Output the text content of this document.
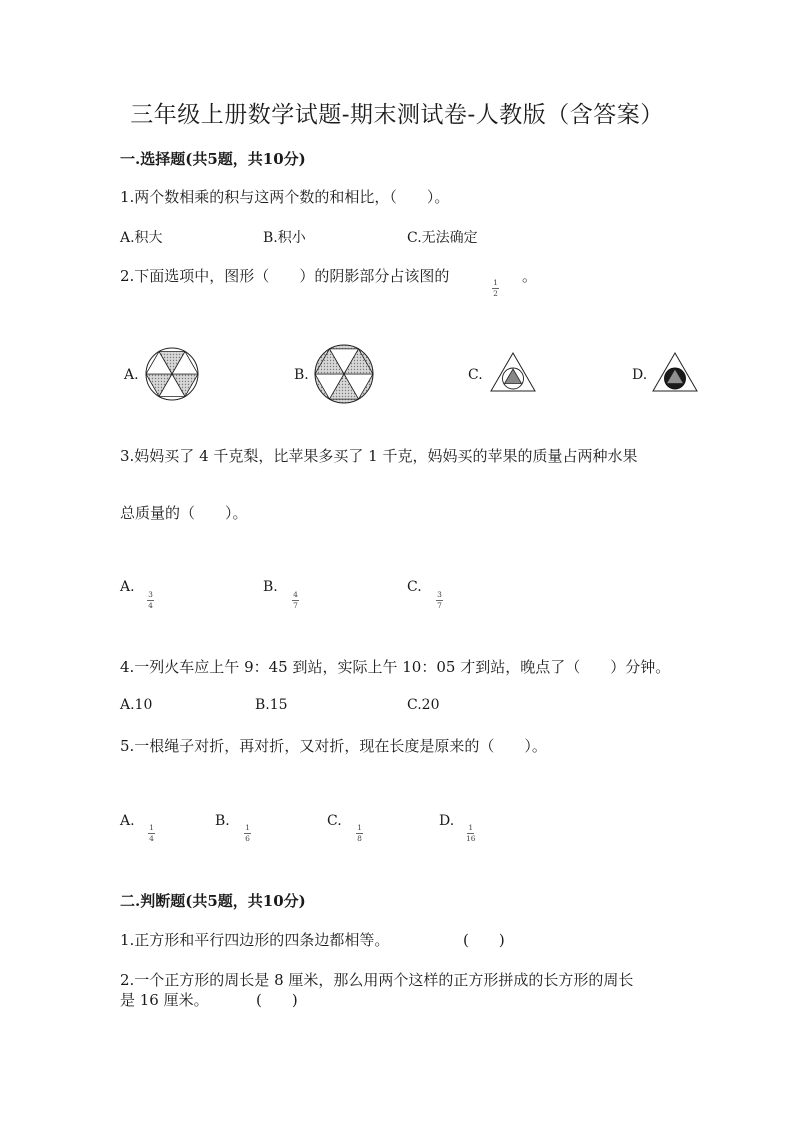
三年级上册数学试题-期末测试卷-人教版（含答案）
一.选择题(共5题，共10分)
1.两个数相乘的积与这两个数的和相比，（　　）。
A.积大	B.积小	C.无法确定
2.下面选项中，图形（　　）的阴影部分占该图的	1
2
。
A.	B.	C.	D.
3.妈妈买了 4 千克梨，比苹果多买了 1 千克，妈妈买的苹果的质量占两种水果
总质量的（　　）。
A. 3
4
B. 4
7
C. 3
7
4.一列火车应上午 9：45 到站，实际上午 10：05 才到站，晚点了（　　）分钟。
A.10	B.15	C.20
5.一根绳子对折，再对折，又对折，现在长度是原来的（　　）。
A. 1
4
B. 1
6
C. 1
8
D. 1
16
二.判断题(共5题，共10分)
1.正方形和平行四边形的四条边都相等。	(　　)
2.一个正方形的周长是 8 厘米，那么用两个这样的正方形拼成的长方形的周长
是 16 厘米。	(　　)
